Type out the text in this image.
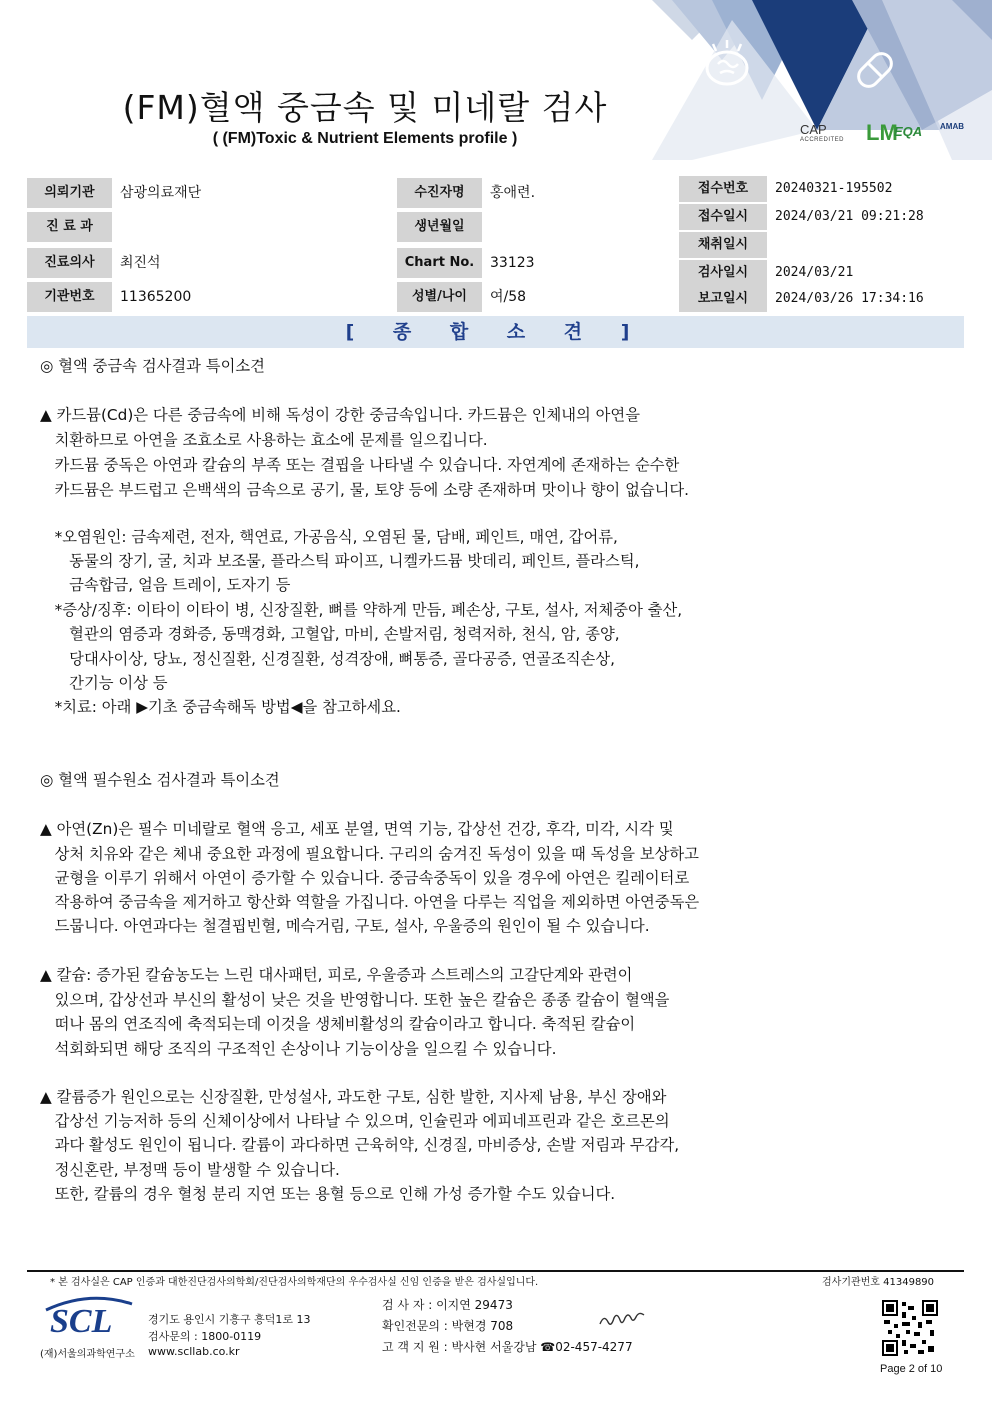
(FM)혈액 중금속 및 미네랄 검사
( (FM)Toxic & Nutrient Elements profile )
CAP
ACCREDITED LM
EQA AMAB
의뢰기관	삼광의료재단
진 료 과
진료의사	최진석
기관번호	11365200
수진자명	홍애련.
생년월일
Chart No.	33123
성별/나이	여/58
접수번호	20240321-195502
접수일시	2024/03/21 09:21:28
채취일시
검사일시	2024/03/21
보고일시	2024/03/26 17:34:16
[ 종 합 소 견 ]
◎ 혈액 중금속 검사결과 특이소견
▲ 카드뮴(Cd)은 다른 중금속에 비해 독성이 강한 중금속입니다. 카드뮴은 인체내의 아연을
치환하므로 아연을 조효소로 사용하는 효소에 문제를 일으킵니다.
카드뮴 중독은 아연과 칼슘의 부족 또는 결핍을 나타낼 수 있습니다. 자연계에 존재하는 순수한
카드뮴은 부드럽고 은백색의 금속으로 공기, 물, 토양 등에 소량 존재하며 맛이나 향이 없습니다.
*오염원인: 금속제련, 전자, 핵연료, 가공음식, 오염된 물, 담배, 페인트, 매연, 갑어류,
동물의 장기, 굴, 치과 보조물, 플라스틱 파이프, 니켈카드뮴 밧데리, 페인트, 플라스틱,
금속합금, 얼음 트레이, 도자기 등
*증상/징후: 이타이 이타이 병, 신장질환, 뼈를 약하게 만듬, 폐손상, 구토, 설사, 저체중아 출산,
혈관의 염증과 경화증, 동맥경화, 고혈압, 마비, 손발저림, 청력저하, 천식, 암, 종양,
당대사이상, 당뇨, 정신질환, 신경질환, 성격장애, 뼈통증, 골다공증, 연골조직손상,
간기능 이상 등
*치료: 아래 ▶기초 중금속해독 방법◀을 참고하세요.
◎ 혈액 필수원소 검사결과 특이소견
▲ 아연(Zn)은 필수 미네랄로 혈액 응고, 세포 분열, 면역 기능, 갑상선 건강, 후각, 미각, 시각 및
상처 치유와 같은 체내 중요한 과정에 필요합니다. 구리의 숨겨진 독성이 있을 때 독성을 보상하고
균형을 이루기 위해서 아연이 증가할 수 있습니다. 중금속중독이 있을 경우에 아연은 킬레이터로
작용하여 중금속을 제거하고 항산화 역할을 가집니다. 아연을 다루는 직업을 제외하면 아연중독은
드뭅니다. 아연과다는 철결핍빈혈, 메슥거림, 구토, 설사, 우울증의 원인이 될 수 있습니다.
▲ 칼슘: 증가된 칼슘농도는 느린 대사패턴, 피로, 우울증과 스트레스의 고갈단계와 관련이
있으며, 갑상선과 부신의 활성이 낮은 것을 반영합니다. 또한 높은 칼슘은 종종 칼슘이 혈액을
떠나 몸의 연조직에 축적되는데 이것을 생체비활성의 칼슘이라고 합니다. 축적된 칼슘이
석회화되면 해당 조직의 구조적인 손상이나 기능이상을 일으킬 수 있습니다.
▲ 칼륨증가 원인으로는 신장질환, 만성설사, 과도한 구토, 심한 발한, 지사제 남용, 부신 장애와
갑상선 기능저하 등의 신체이상에서 나타날 수 있으며, 인슐린과 에피네프린과 같은 호르몬의
과다 활성도 원인이 됩니다. 칼륨이 과다하면 근육허약, 신경질, 마비증상, 손발 저림과 무감각,
정신혼란, 부정맥 등이 발생할 수 있습니다.
또한, 칼륨의 경우 혈청 분리 지연 또는 용혈 등으로 인해 가성 증가할 수도 있습니다.
* 본 검사실은 CAP 인증과 대한진단검사의학회/진단검사의학재단의 우수검사실 신임 인증을 받은 검사실입니다.	검사기관번호 41349890
SCL
(재)서울의과학연구소
경기도 용인시 기흥구 흥덕1로 13
검사문의 : 1800-0119
www.scllab.co.kr
검 사 자 : 이지연 29473
확인전문의 : 박현경 708
고 객 지 원 : 박사현 서울강남 ☎02-457-4277
Page 2 of 10
